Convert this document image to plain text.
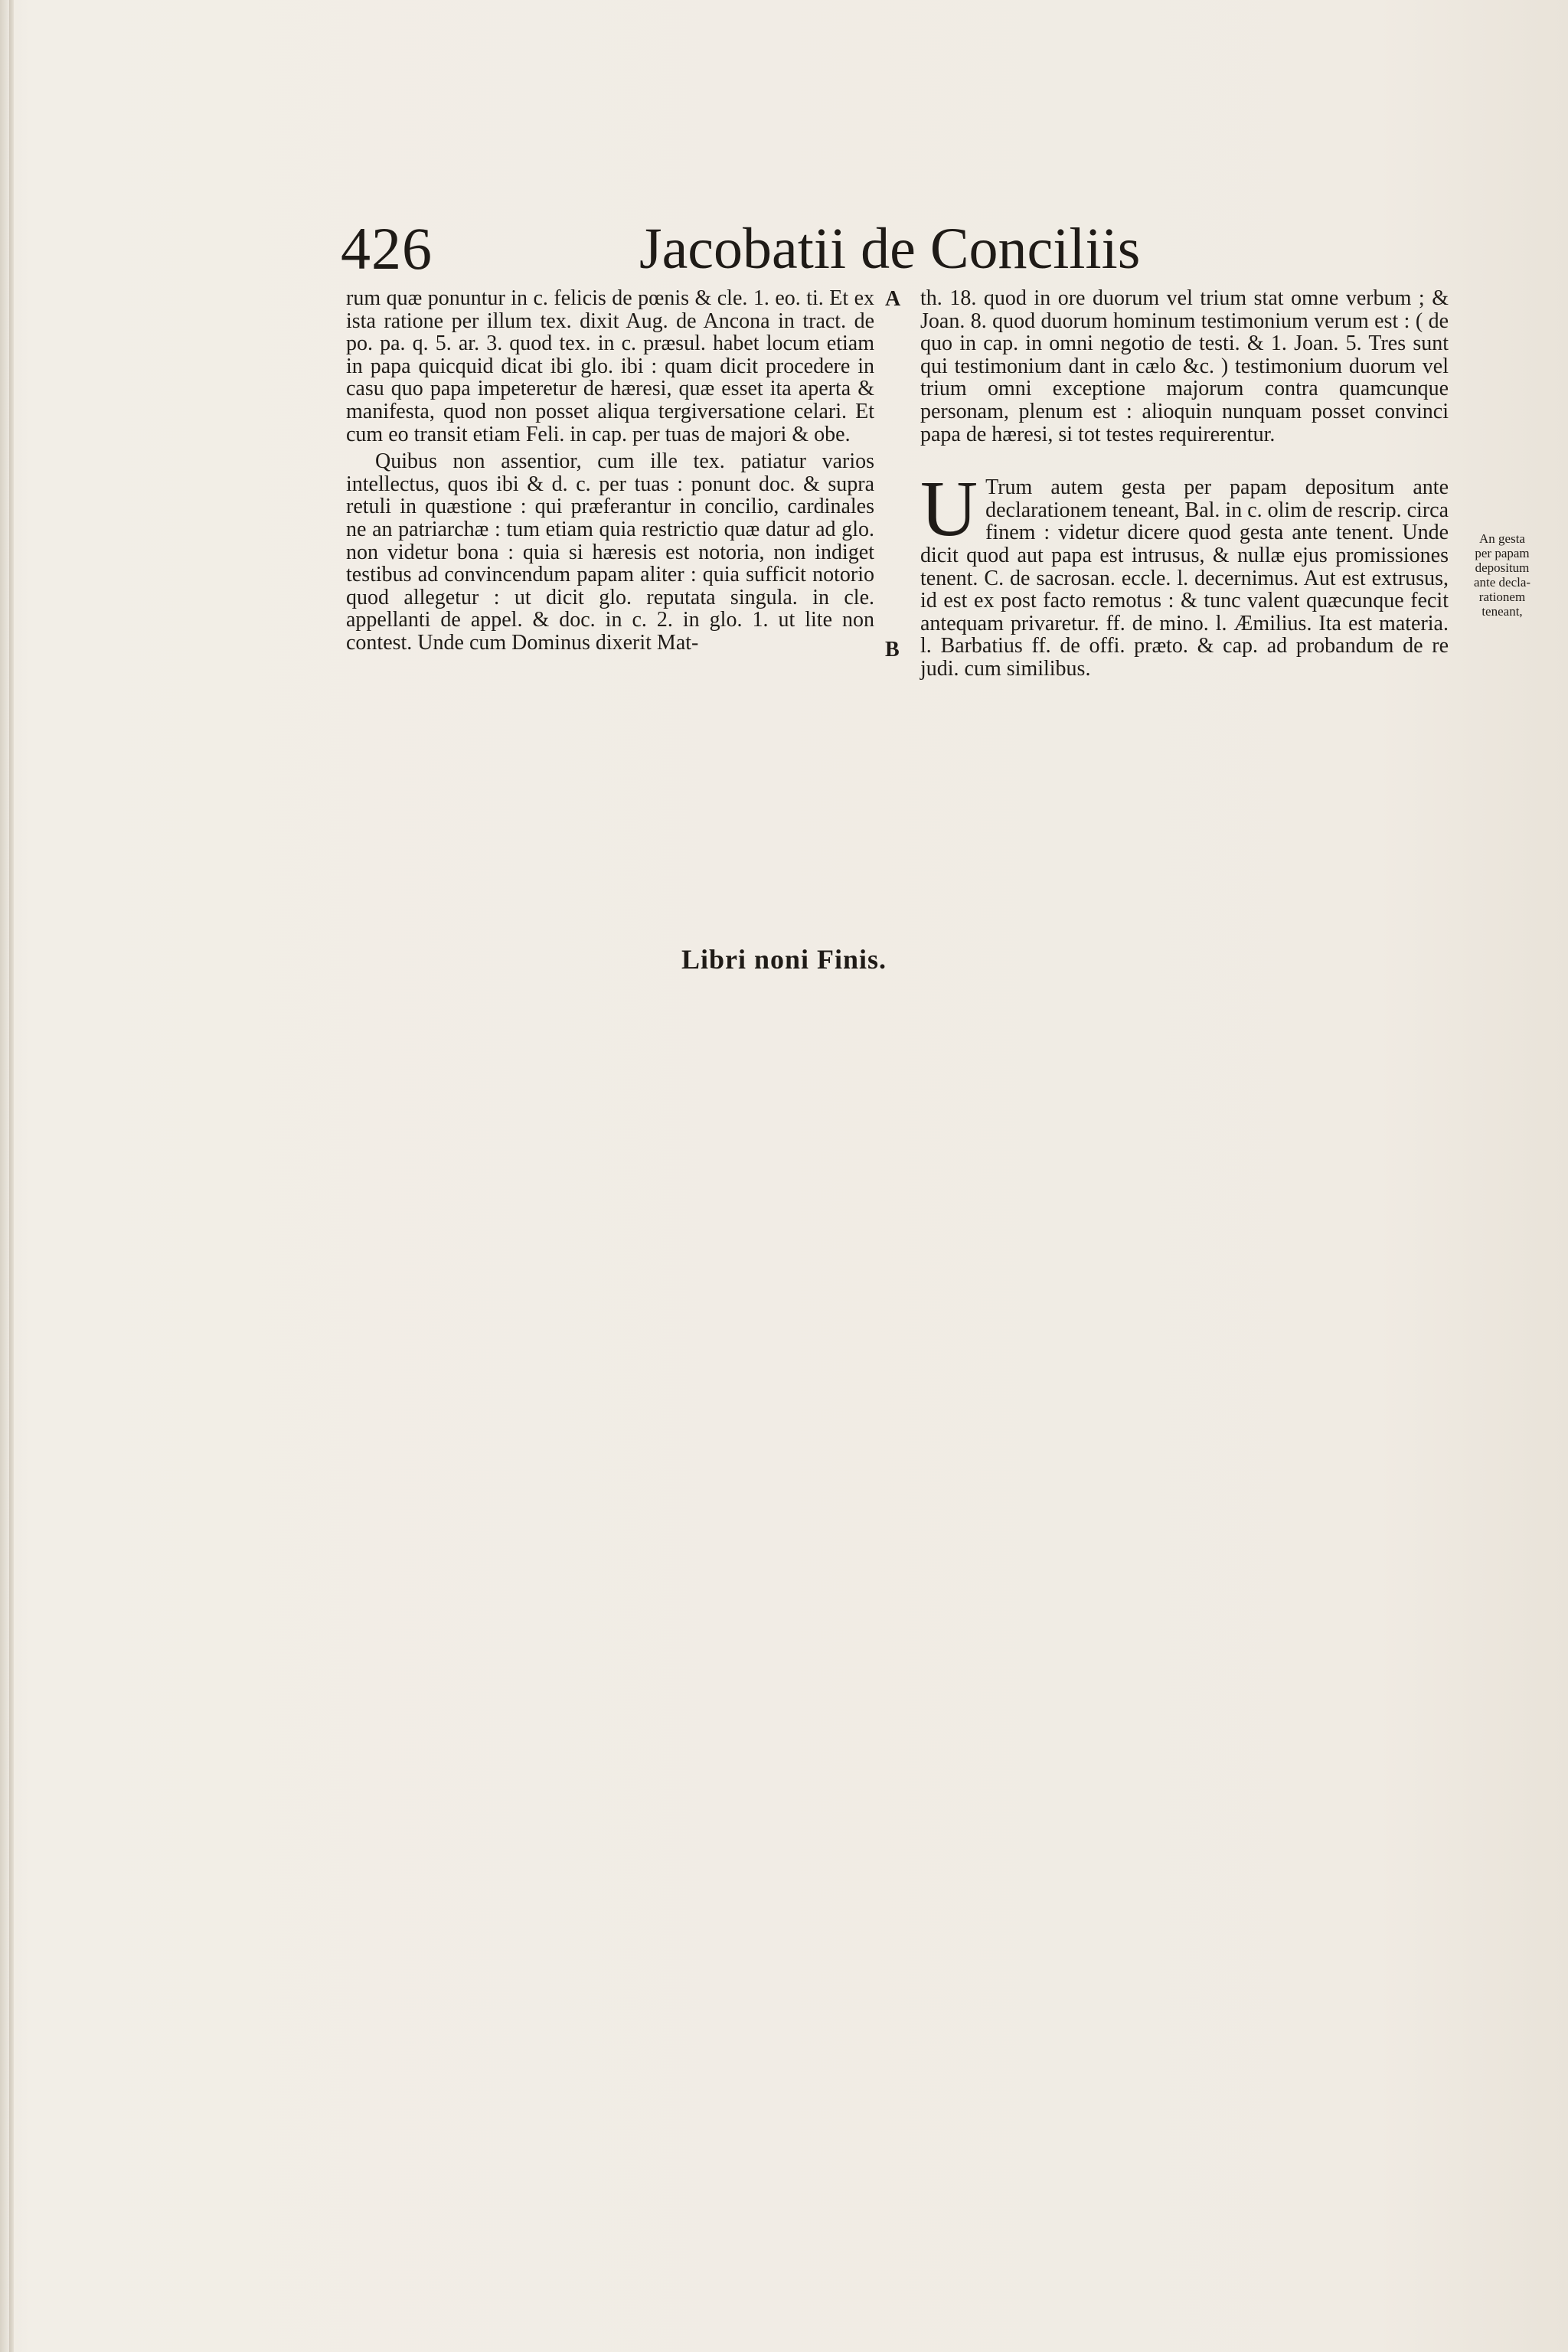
426	Jacobatii de Conciliis

rum quæ ponuntur in c. felicis de pœnis & cle. 1. eo. ti. Et ex ista ratione per illum tex. dixit Aug. de Ancona in tract. de po. pa. q. 5. ar. 3. quod tex. in c. præsul. habet locum etiam in papa quicquid dicat ibi glo. ibi : quam dicit procedere in casu quo papa impeteretur de hæresi, quæ esset ita aperta & manifesta, quod non posset aliqua tergiversatione celari. Et cum eo transit etiam Feli. in cap. per tuas de majori & obe.

Quibus non assentior, cum ille tex. patiatur varios intellectus, quos ibi & d. c. per tuas : ponunt doc. & supra retuli in quæstione : qui præferantur in concilio, cardinales ne an patriarchæ : tum etiam quia restrictio quæ datur ad glo. non videtur bona : quia si hæresis est notoria, non indiget testibus ad convincendum papam aliter : quia sufficit notorio quod allegetur : ut dicit glo. reputata singula. in cle. appellanti de appel. & doc. in c. 2. in glo. 1. ut lite non contest. Unde cum Dominus dixerit Mat-

A
B

th. 18. quod in ore duorum vel trium stat omne verbum ; & Joan. 8. quod duorum hominum testimonium verum est : ( de quo in cap. in omni negotio de testi. & 1. Joan. 5. Tres sunt qui testimonium dant in cælo &c. ) testimonium duorum vel trium omni exceptione majorum contra quamcunque personam, plenum est : alioquin nunquam posset convinci papa de hæresi, si tot testes requirerentur.

U Trum autem gesta per papam depositum ante declarationem teneant, Bal. in c. olim de rescrip. circa finem : videtur dicere quod gesta ante tenent. Unde dicit quod aut papa est intrusus, & nullæ ejus promissiones tenent. C. de sacrosan. eccle. l. decernimus. Aut est extrusus, id est ex post facto remotus : & tunc valent quæcunque fecit antequam privaretur. ff. de mino. l. Æmilius. Ita est materia. l. Barbatius ff. de offi. præto. & cap. ad probandum de re judi. cum similibus.

An gesta
per papam
depositum
ante decla-
rationem
teneant,
Libri noni Finis.
